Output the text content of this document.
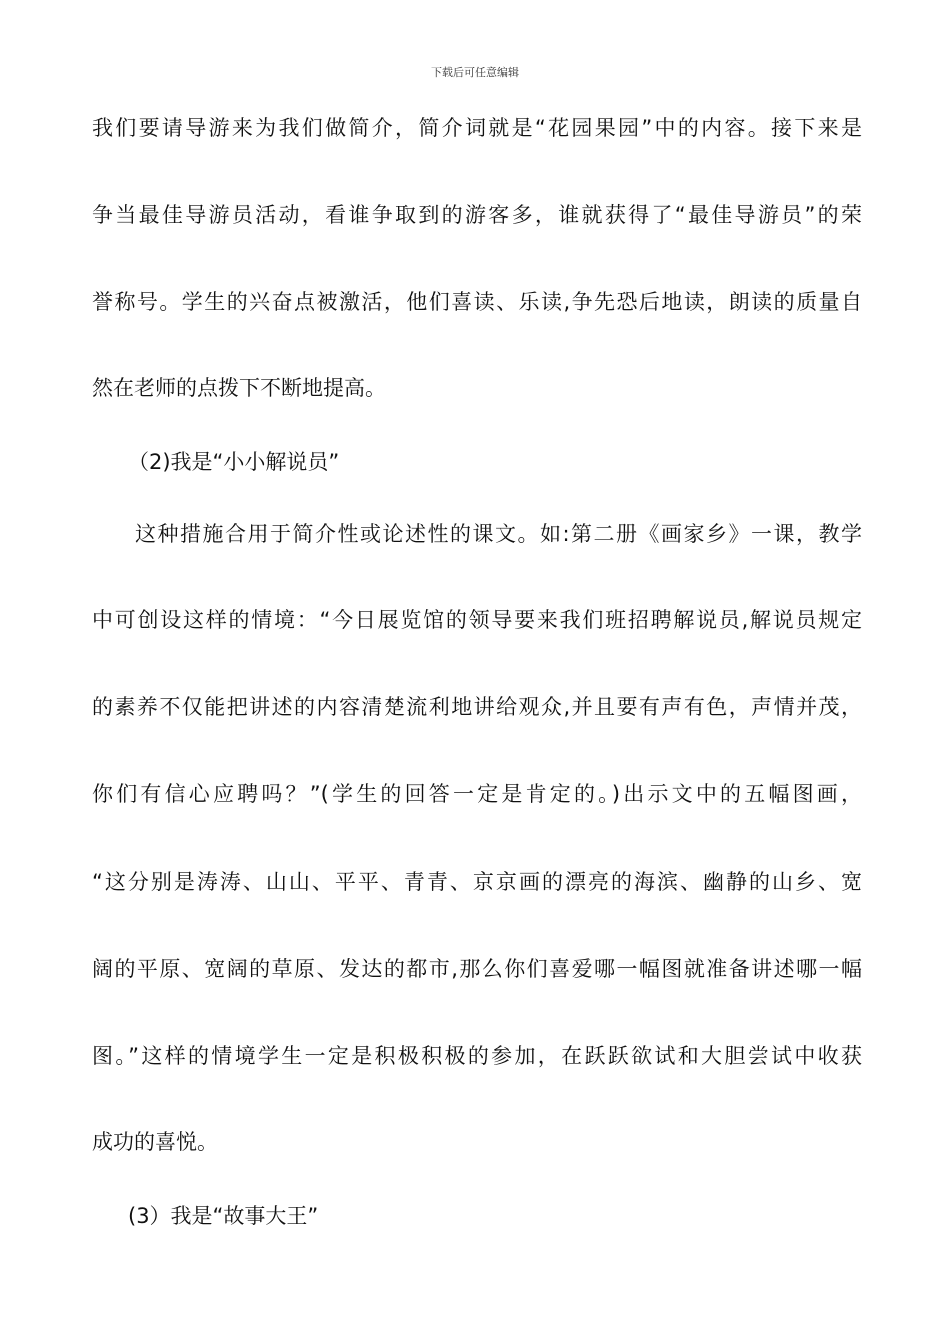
下载后可任意编辑
我们要请导游来为我们做简介，简介词就是“花园果园”中的内容。接下来是
争当最佳导游员活动，看谁争取到的游客多，谁就获得了“最佳导游员”的荣
誉称号。学生的兴奋点被激活，他们喜读、乐读,争先恐后地读，朗读的质量自
然在老师的点拨下不断地提高。
（2)我是“小小解说员”
这种措施合用于简介性或论述性的课文。如:第二册《画家乡》一课，教学
中可创设这样的情境：“今日展览馆的领导要来我们班招聘解说员,解说员规定
的素养不仅能把讲述的内容清楚流利地讲给观众,并且要有声有色，声情并茂，
你们有信心应聘吗？”(学生的回答一定是肯定的。)出示文中的五幅图画，
“这分别是涛涛、山山、平平、青青、京京画的漂亮的海滨、幽静的山乡、宽
阔的平原、宽阔的草原、发达的都市,那么你们喜爱哪一幅图就准备讲述哪一幅
图。”这样的情境学生一定是积极积极的参加，在跃跃欲试和大胆尝试中收获
成功的喜悦。
(3）我是“故事大王”
